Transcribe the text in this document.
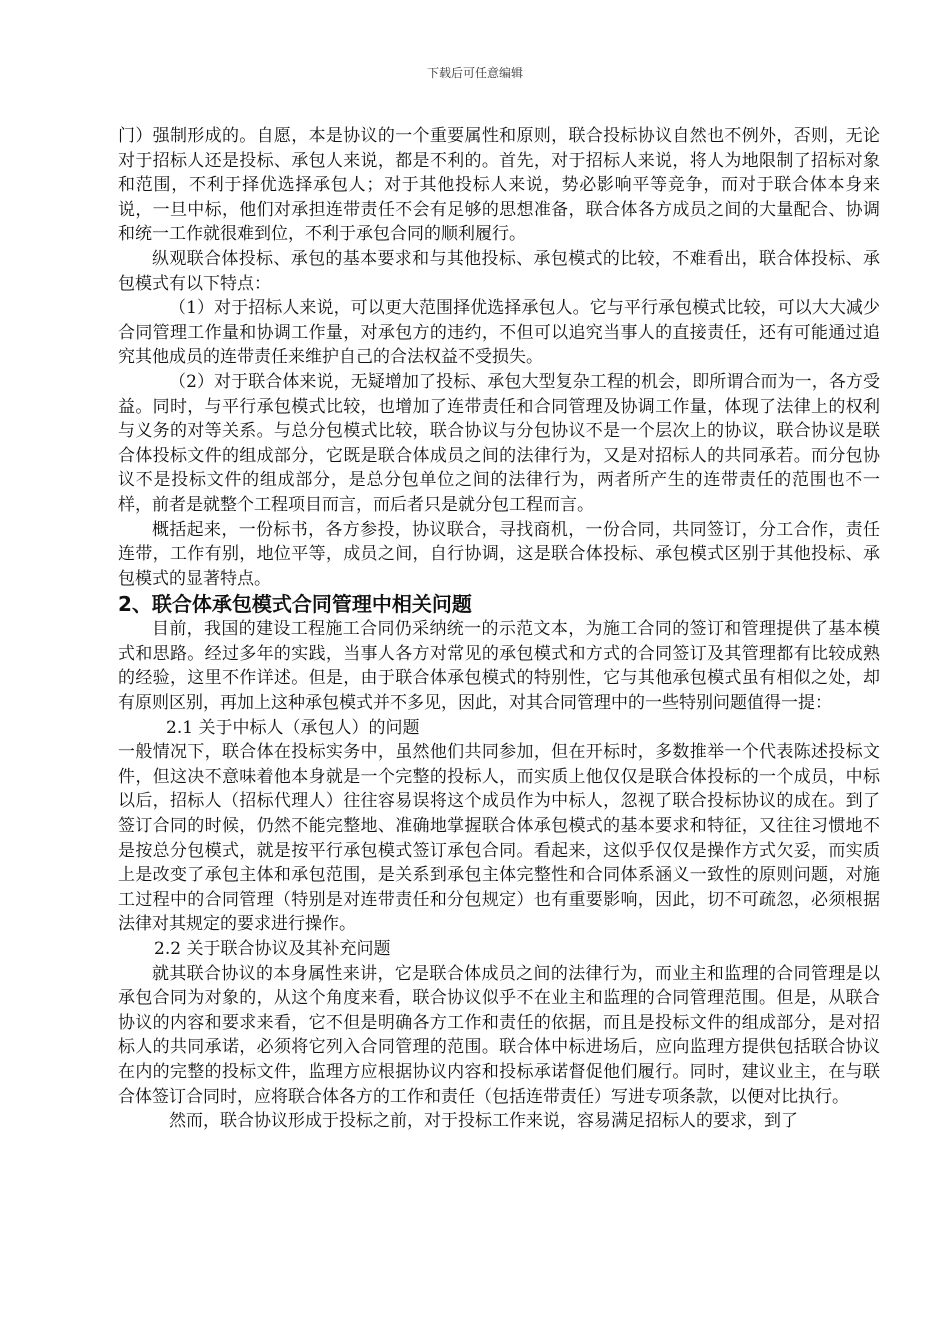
下载后可任意编辑

门）强制形成的。自愿，本是协议的一个重要属性和原则，联合投标协议自然也不例外，否则，无论对于招标人还是投标、承包人来说，都是不利的。首先，对于招标人来说，将人为地限制了招标对象和范围，不利于择优选择承包人；对于其他投标人来说，势必影响平等竞争，而对于联合体本身来说，一旦中标，他们对承担连带责任不会有足够的思想准备，联合体各方成员之间的大量配合、协调和统一工作就很难到位，不利于承包合同的顺利履行。

纵观联合体投标、承包的基本要求和与其他投标、承包模式的比较，不难看出，联合体投标、承包模式有以下特点：

（1）对于招标人来说，可以更大范围择优选择承包人。它与平行承包模式比较，可以大大减少合同管理工作量和协调工作量，对承包方的违约，不但可以追究当事人的直接责任，还有可能通过追究其他成员的连带责任来维护自己的合法权益不受损失。

（2）对于联合体来说，无疑增加了投标、承包大型复杂工程的机会，即所谓合而为一，各方受益。同时，与平行承包模式比较，也增加了连带责任和合同管理及协调工作量，体现了法律上的权利与义务的对等关系。与总分包模式比较，联合协议与分包协议不是一个层次上的协议，联合协议是联合体投标文件的组成部分，它既是联合体成员之间的法律行为，又是对招标人的共同承若。而分包协议不是投标文件的组成部分，是总分包单位之间的法律行为，两者所产生的连带责任的范围也不一样，前者是就整个工程项目而言，而后者只是就分包工程而言。

概括起来，一份标书，各方参投，协议联合，寻找商机，一份合同，共同签订，分工合作，责任连带，工作有别，地位平等，成员之间，自行协调，这是联合体投标、承包模式区别于其他投标、承包模式的显著特点。

2、联合体承包模式合同管理中相关问题

目前，我国的建设工程施工合同仍采纳统一的示范文本，为施工合同的签订和管理提供了基本模式和思路。经过多年的实践，当事人各方对常见的承包模式和方式的合同签订及其管理都有比较成熟的经验，这里不作详述。但是，由于联合体承包模式的特别性，它与其他承包模式虽有相似之处，却有原则区别，再加上这种承包模式并不多见，因此，对其合同管理中的一些特别问题值得一提：

2.1 关于中标人（承包人）的问题

一般情况下，联合体在投标实务中，虽然他们共同参加，但在开标时，多数推举一个代表陈述投标文件，但这决不意味着他本身就是一个完整的投标人，而实质上他仅仅是联合体投标的一个成员，中标以后，招标人（招标代理人）往往容易误将这个成员作为中标人，忽视了联合投标协议的成在。到了签订合同的时候，仍然不能完整地、准确地掌握联合体承包模式的基本要求和特征，又往往习惯地不是按总分包模式，就是按平行承包模式签订承包合同。看起来，这似乎仅仅是操作方式欠妥，而实质上是改变了承包主体和承包范围，是关系到承包主体完整性和合同体系涵义一致性的原则问题，对施工过程中的合同管理（特别是对连带责任和分包规定）也有重要影响，因此，切不可疏忽，必须根据法律对其规定的要求进行操作。

2.2 关于联合协议及其补充问题

就其联合协议的本身属性来讲，它是联合体成员之间的法律行为，而业主和监理的合同管理是以承包合同为对象的，从这个角度来看，联合协议似乎不在业主和监理的合同管理范围。但是，从联合协议的内容和要求来看，它不但是明确各方工作和责任的依据，而且是投标文件的组成部分，是对招标人的共同承诺，必须将它列入合同管理的范围。联合体中标进场后，应向监理方提供包括联合协议在内的完整的投标文件，监理方应根据协议内容和投标承诺督促他们履行。同时，建议业主，在与联合体签订合同时，应将联合体各方的工作和责任（包括连带责任）写进专项条款，以便对比执行。

然而，联合协议形成于投标之前，对于投标工作来说，容易满足招标人的要求，到了
